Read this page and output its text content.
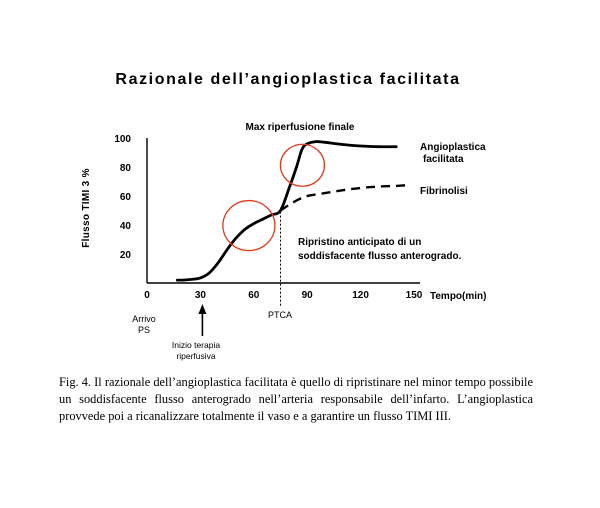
Razionale dell’angioplastica facilitata
Max riperfusione finale
Flusso TIMI 3 %
20
40
60
80
100
0	30	60	90	120	150
Angioplastica
facilitata
Fibrinolisi
Ripristino anticipato di un
soddisfacente flusso anterogrado.
Tempo(min)
Arrivo
PS
PTCA
Inizio terapia
riperfusiva

Fig. 4. Il razionale dell’angioplastica facilitata è quello di ripristinare nel minor tempo possibile un soddisfacente flusso anterogrado nell’arteria responsabile dell’infarto. L’angioplastica provvede poi a ricanalizzare totalmente il vaso e a garantire un flusso TIMI III.
